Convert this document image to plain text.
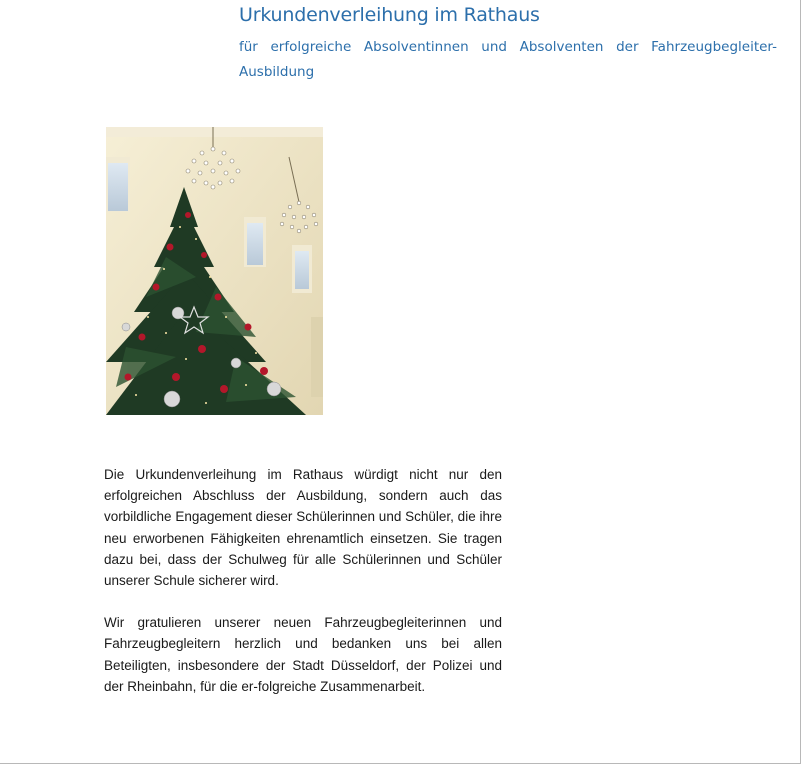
Urkundenverleihung im Rathaus

für erfolgreiche Absolventinnen und Absolventen der Fahrzeugbegleiter-Ausbildung

Die Urkundenverleihung im Rathaus würdigt nicht nur den erfolgreichen Abschluss der Ausbildung, sondern auch das vorbildliche Engagement dieser Schülerinnen und Schüler, die ihre neu erworbenen Fähigkeiten ehrenamtlich einsetzen. Sie tragen dazu bei, dass der Schulweg für alle Schülerinnen und Schüler unserer Schule sicherer wird.

Wir gratulieren unserer neuen Fahrzeugbegleiterinnen und Fahrzeugbegleitern herzlich und bedanken uns bei allen Beteiligten, insbesondere der Stadt Düsseldorf, der Polizei und der Rheinbahn, für die er-folgreiche Zusammenarbeit.
